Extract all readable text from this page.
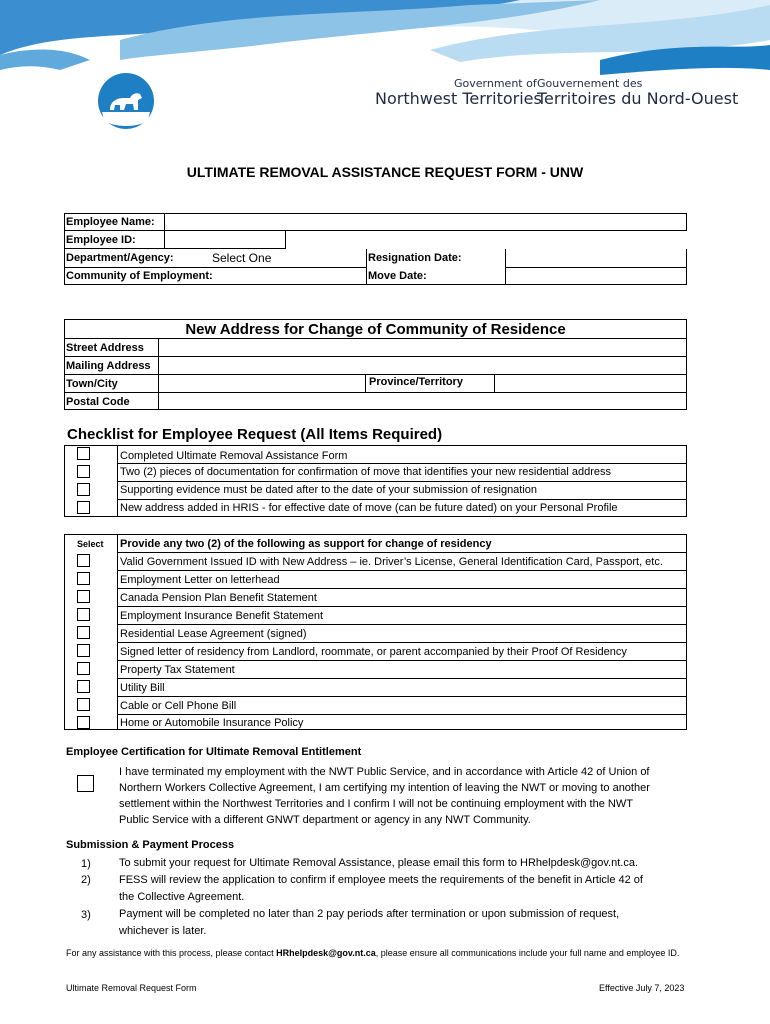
Government of
Northwest Territories
Gouvernement des
Territoires du Nord-Ouest
ULTIMATE REMOVAL ASSISTANCE REQUEST FORM - UNW
Employee Name:
Employee ID:
Department/Agency:	Select One	Resignation Date:
Community of Employment:	Move Date:
New Address for Change of Community of Residence
Street Address
Mailing Address
Town/City	Province/Territory
Postal Code
Checklist for Employee Request (All Items Required)
Completed Ultimate Removal Assistance Form
Two (2) pieces of documentation for confirmation of move that identifies your new residential address
Supporting evidence must be dated after to the date of your submission of resignation
New address added in HRIS - for effective date of move (can be future dated) on your Personal Profile
Select Provide any two (2) of the following as support for change of residency
Valid Government Issued ID with New Address – ie. Driver’s License, General Identification Card, Passport, etc.
Employment Letter on letterhead
Canada Pension Plan Benefit Statement
Employment Insurance Benefit Statement
Residential Lease Agreement (signed)
Signed letter of residency from Landlord, roommate, or parent accompanied by their Proof Of Residency
Property Tax Statement
Utility Bill
Cable or Cell Phone Bill
Home or Automobile Insurance Policy
Employee Certification for Ultimate Removal Entitlement
I have terminated my employment with the NWT Public Service, and in accordance with Article 42 of Union of
Northern Workers Collective Agreement, I am certifying my intention of leaving the NWT or moving to another
settlement within the Northwest Territories and I confirm I will not be continuing employment with the NWT
Public Service with a different GNWT department or agency in any NWT Community.
Submission & Payment Process
1)	To submit your request for Ultimate Removal Assistance, please email this form to HRhelpdesk@gov.nt.ca.
2)	FESS will review the application to confirm if employee meets the requirements of the benefit in Article 42 of
the Collective Agreement.
3)	Payment will be completed no later than 2 pay periods after termination or upon submission of request,
whichever is later.
For any assistance with this process, please contact HRhelpdesk@gov.nt.ca, please ensure all communications include your full name and employee ID.
Ultimate Removal Request Form	Effective July 7, 2023
